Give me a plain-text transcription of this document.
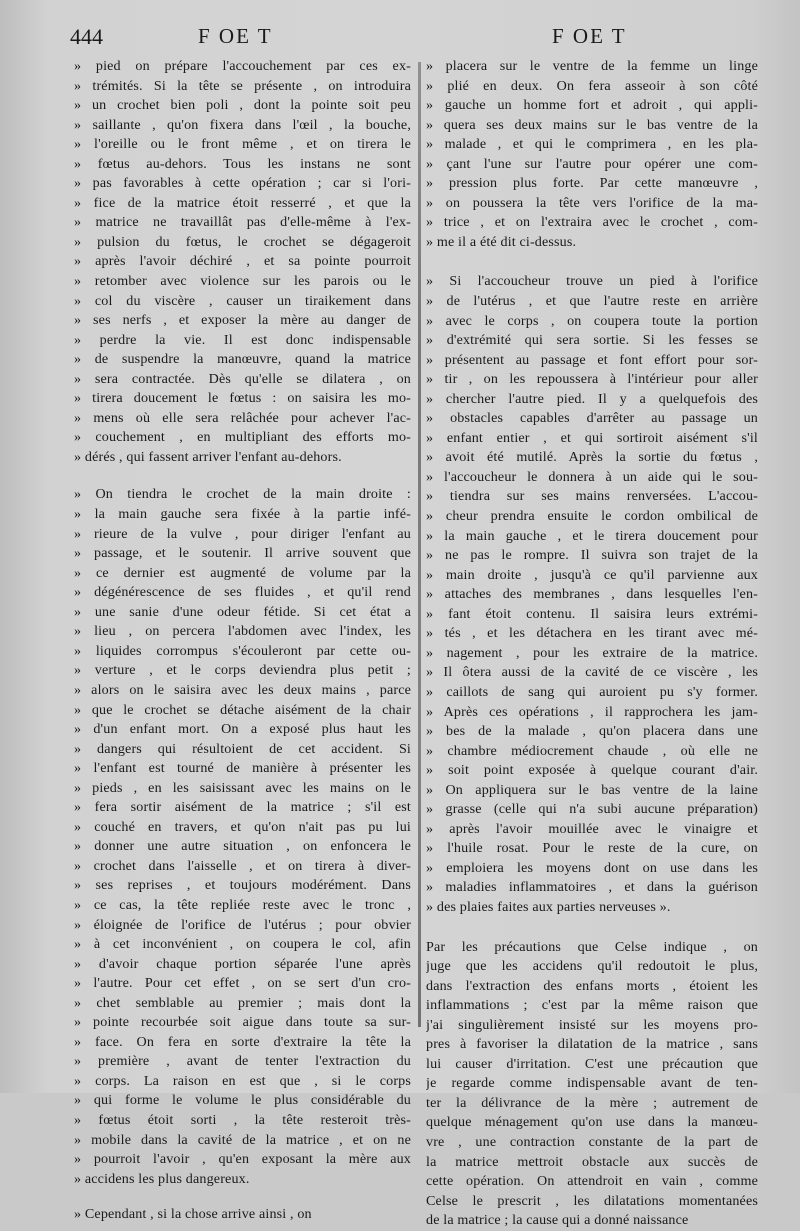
444	F OE T	F OE T
» pied on prépare l'accouchement par ces ex-
» trémités. Si la tête se présente , on introduira
» un crochet bien poli , dont la pointe soit peu
» saillante , qu'on fixera dans l'œil , la bouche,
» l'oreille ou le front même , et on tirera le
» fœtus au-dehors. Tous les instans ne sont
» pas favorables à cette opération ; car si l'ori-
» fice de la matrice étoit resserré , et que la
» matrice ne travaillât pas d'elle-même à l'ex-
» pulsion du fœtus, le crochet se dégageroit
» après l'avoir déchiré , et sa pointe pourroit
» retomber avec violence sur les parois ou le
» col du viscère , causer un tiraikement dans
» ses nerfs , et exposer la mère au danger de
» perdre la vie. Il est donc indispensable
» de suspendre la manœuvre, quand la matrice
» sera contractée. Dès qu'elle se dilatera , on
» tirera doucement le fœtus : on saisira les mo-
» mens où elle sera relâchée pour achever l'ac-
» couchement , en multipliant des efforts mo-
» dérés , qui fassent arriver l'enfant au-dehors.
» On tiendra le crochet de la main droite :
» la main gauche sera fixée à la partie infé-
» rieure de la vulve , pour diriger l'enfant au
» passage, et le soutenir. Il arrive souvent que
» ce dernier est augmenté de volume par la
» dégénérescence de ses fluides , et qu'il rend
» une sanie d'une odeur fétide. Si cet état a
» lieu , on percera l'abdomen avec l'index, les
» liquides corrompus s'écouleront par cette ou-
» verture , et le corps deviendra plus petit ;
» alors on le saisira avec les deux mains , parce
» que le crochet se détache aisément de la chair
» d'un enfant mort. On a exposé plus haut les
» dangers qui résultoient de cet accident. Si
» l'enfant est tourné de manière à présenter les
» pieds , en les saisissant avec les mains on le
» fera sortir aisément de la matrice ; s'il est
» couché en travers, et qu'on n'ait pas pu lui
» donner une autre situation , on enfoncera le
» crochet dans l'aisselle , et on tirera à diver-
» ses reprises , et toujours modérément. Dans
» ce cas, la tête repliée reste avec le tronc ,
» éloignée de l'orifice de l'utérus ; pour obvier
» à cet inconvénient , on coupera le col, afin
» d'avoir chaque portion séparée l'une après
» l'autre. Pour cet effet , on se sert d'un cro-
» chet semblable au premier ; mais dont la
» pointe recourbée soit aigue dans toute sa sur-
» face. On fera en sorte d'extraire la tête la
» première , avant de tenter l'extraction du
» corps. La raison en est que , si le corps
» qui forme le volume le plus considérable du
» fœtus étoit sorti , la tête resteroit très-
» mobile dans la cavité de la matrice , et on ne
» pourroit l'avoir , qu'en exposant la mère aux
» accidens les plus dangereux.
» Cependant , si la chose arrive ainsi , on
» placera sur le ventre de la femme un linge
» plié en deux. On fera asseoir à son côté
» gauche un homme fort et adroit , qui appli-
» quera ses deux mains sur le bas ventre de la
» malade , et qui le comprimera , en les pla-
» çant l'une sur l'autre pour opérer une com-
» pression plus forte. Par cette manœuvre ,
» on poussera la tête vers l'orifice de la ma-
» trice , et on l'extraira avec le crochet , com-
» me il a été dit ci-dessus.
» Si l'accoucheur trouve un pied à l'orifice
» de l'utérus , et que l'autre reste en arrière
» avec le corps , on coupera toute la portion
» d'extrémité qui sera sortie. Si les fesses se
» présentent au passage et font effort pour sor-
» tir , on les repoussera à l'intérieur pour aller
» chercher l'autre pied. Il y a quelquefois des
» obstacles capables d'arrêter au passage un
» enfant entier , et qui sortiroit aisément s'il
» avoit été mutilé. Après la sortie du fœtus ,
» l'accoucheur le donnera à un aide qui le sou-
» tiendra sur ses mains renversées. L'accou-
» cheur prendra ensuite le cordon ombilical de
» la main gauche , et le tirera doucement pour
» ne pas le rompre. Il suivra son trajet de la
» main droite , jusqu'à ce qu'il parvienne aux
» attaches des membranes , dans lesquelles l'en-
» fant étoit contenu. Il saisira leurs extrémi-
» tés , et les détachera en les tirant avec mé-
» nagement , pour les extraire de la matrice.
» Il ôtera aussi de la cavité de ce viscère , les
» caillots de sang qui auroient pu s'y former.
» Après ces opérations , il rapprochera les jam-
» bes de la malade , qu'on placera dans une
» chambre médiocrement chaude , où elle ne
» soit point exposée à quelque courant d'air.
» On appliquera sur le bas ventre de la laine
» grasse (celle qui n'a subi aucune préparation)
» après l'avoir mouillée avec le vinaigre et
» l'huile rosat. Pour le reste de la cure, on
» emploiera les moyens dont on use dans les
» maladies inflammatoires , et dans la guérison
» des plaies faites aux parties nerveuses ».
Par les précautions que Celse indique , on
juge que les accidens qu'il redoutoit le plus,
dans l'extraction des enfans morts , étoient les
inflammations ; c'est par la même raison que
j'ai singulièrement insisté sur les moyens pro-
pres à favoriser la dilatation de la matrice , sans
lui causer d'irritation. C'est une précaution que
je regarde comme indispensable avant de ten-
ter la délivrance de la mère ; autrement de
quelque ménagement qu'on use dans la manœu-
vre , une contraction constante de la part de
la matrice mettroit obstacle aux succès de
cette opération. On attendroit en vain , comme
Celse le prescrit , les dilatations momentanées
de la matrice ; la cause qui a donné naissance
